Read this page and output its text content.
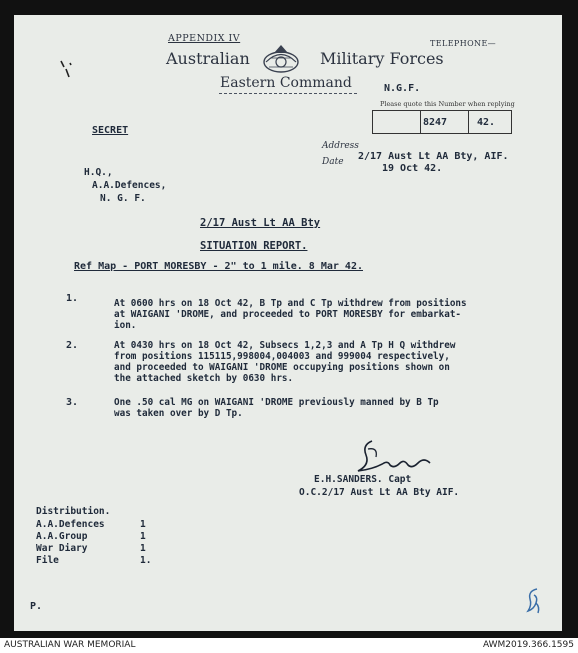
APPENDIX IV	TELEPHONE—
Australian	Military Forces
Eastern Command	N.G.F.
Please quote this Number when replying
8247	42.
SECRET
Address
Date 2/17 Aust Lt AA Bty, AIF.
19 Oct 42.
H.Q.,
A.A.Defences,
N. G. F.
2/17 Aust Lt AA Bty
SITUATION REPORT.
Ref Map - PORT MORESBY - 2" to 1 mile. 8 Mar 42.
1.	At 0600 hrs on 18 Oct 42, B Tp and C Tp withdrew from positions
at WAIGANI 'DROME, and proceeded to PORT MORESBY for embarkat-
ion.
2.	At 0430 hrs on 18 Oct 42, Subsecs 1,2,3 and A Tp H Q withdrew
from positions 115115,998004,004003 and 999004 respectively,
and proceeded to WAIGANI 'DROME occupying positions shown on
the attached sketch by 0630 hrs.
3.	One .50 cal MG on WAIGANI 'DROME previously manned by B Tp
was taken over by D Tp.
E.H.SANDERS. Capt
O.C.2/17 Aust Lt AA Bty AIF.
Distribution.
A.A.Defences	1
A.A.Group	1
War Diary	1
File	1.
P.
AUSTRALIAN WAR MEMORIAL	AWM2019.366.1595
